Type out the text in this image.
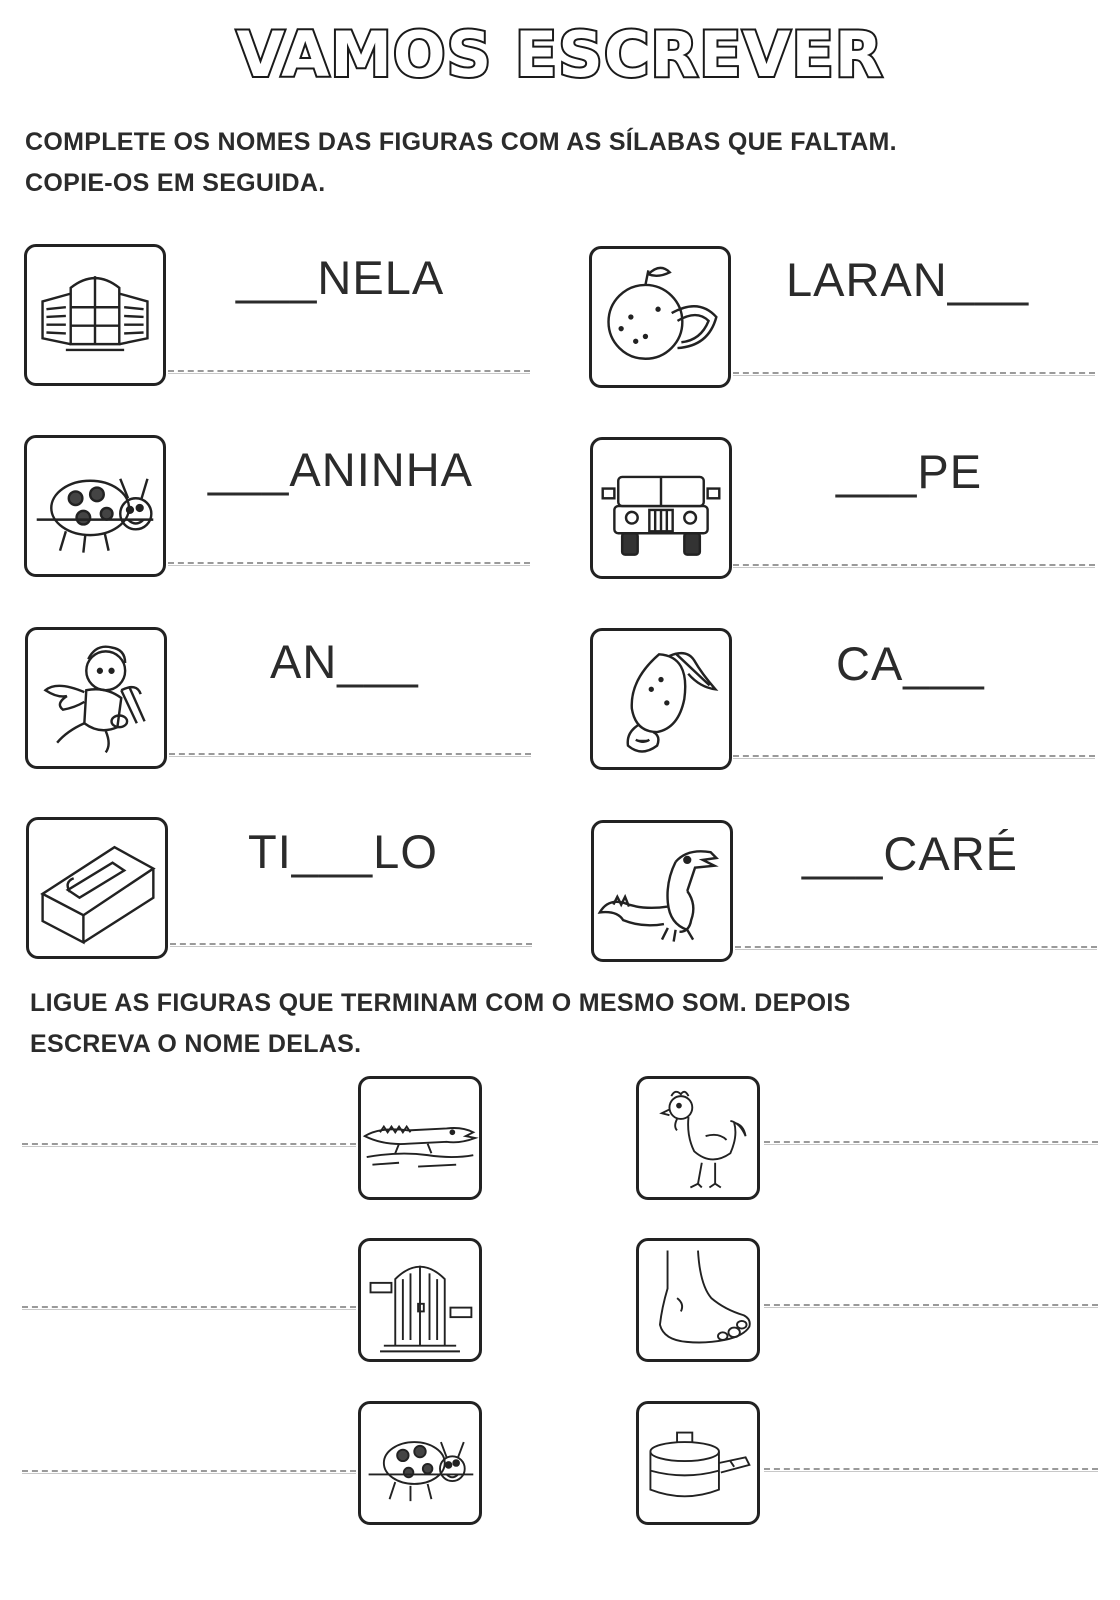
VAMOS ESCREVER
COMPLETE OS NOMES DAS FIGURAS COM AS SÍLABAS QUE FALTAM.
COPIE-OS EM SEGUIDA.
___NELA	LARAN___
___ANINHA	___PE
AN___	CA___
TI___LO	___CARÉ
LIGUE AS FIGURAS QUE TERMINAM COM O MESMO SOM. DEPOIS
ESCREVA O NOME DELAS.
